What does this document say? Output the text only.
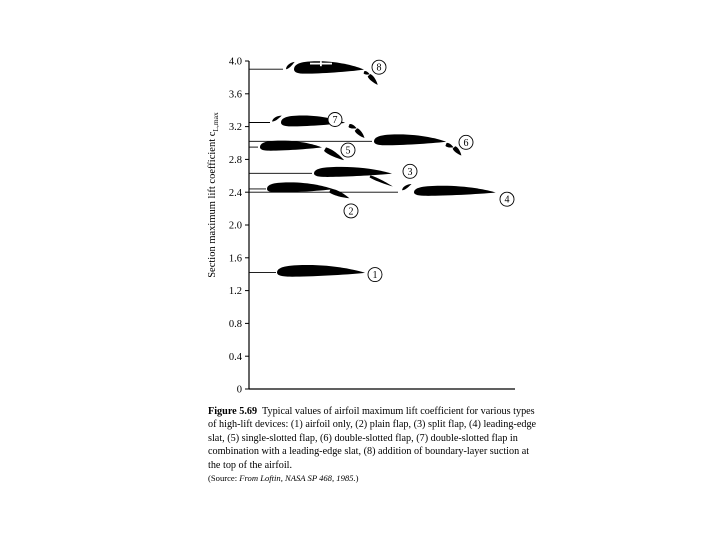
0
0.4
0.8
1.2
1.6
2.0
2.4
2.8
3.2
3.6
4.0
Section maximum lift coefficient $c_{L,max}$
1
2
3
4
5
6
7
8
Figure 5.69 Typical values of airfoil maximum lift coefficient for various types of high-lift devices: (1) airfoil only, (2) plain flap, (3) split flap, (4) leading-edge slat, (5) single-slotted flap, (6) double-slotted flap, (7) double-slotted flap in combination with a leading-edge slat, (8) addition of boundary-layer suction at the top of the airfoil.
(Source: From Loftin, NASA SP 468, 1985.)
